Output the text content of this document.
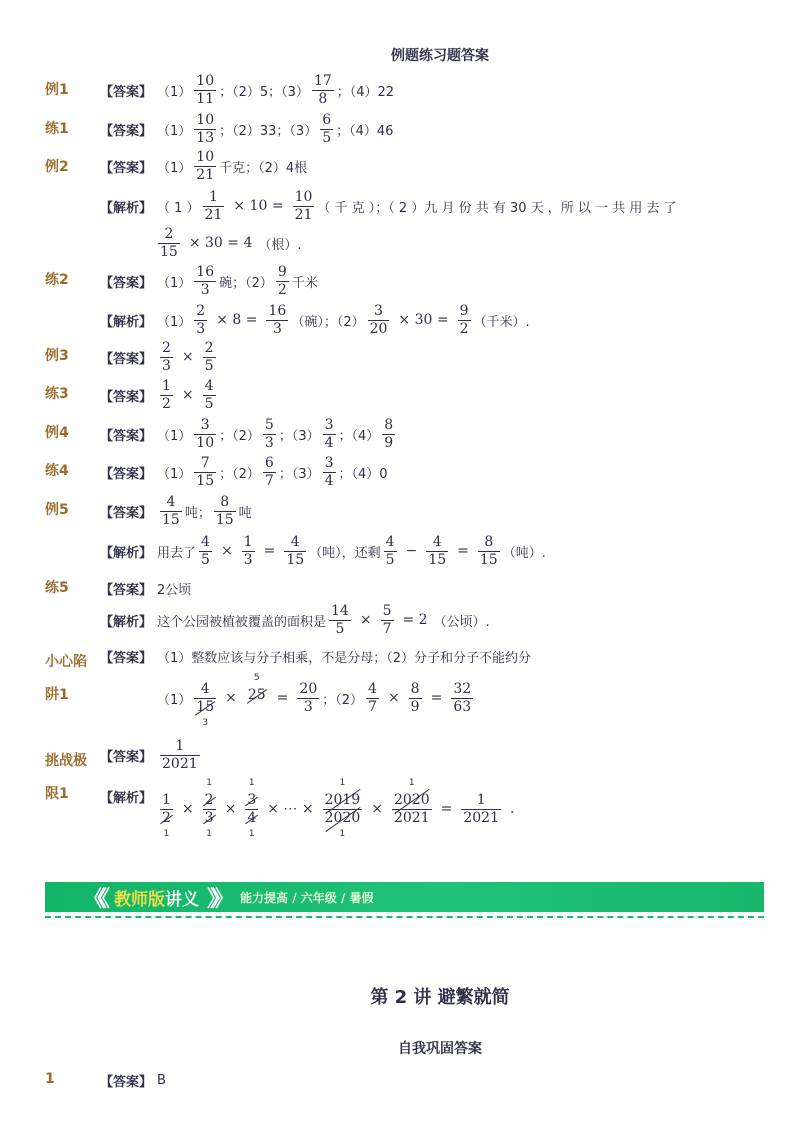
例题练习题答案
例1 【答案】 （1）
10
11 ；（2）5；（3）
17
8 ；（4）22
练1 【答案】 （1）
10
13 ；（2）33；（3）
6
5 ；（4）46
例2 【答案】 （1）
10
21 千克；（2）4根
【解析】 （ 1 ）
1
21
× 10 =
10
21 （ 千 克 ）；（ 2 ）九 月 份 共 有 30 天 ，所 以 一 共 用 去 了
2
15
× 30 = 4 （根）.
练2 【答案】 （1）
16
3 碗；（2）
9
2 千米
【解析】 （1）
2
3
× 8 =
16
3 （碗）；（2）
3
20
× 30 =
9
2 （千米）.
例3 【答案】
2
3
×
2
5
练3 【答案】
1
2
×
4
5
例4 【答案】 （1）
3
10 ；（2）
5
3 ；（3）
3
4 ；（4）
8
9
练4 【答案】 （1）
7
15 ；（2）
6
7 ；（3）
3
4 ；（4）0
例5 【答案】
4
15 吨；
8
15 吨
【解析】 用去了
4
5
×
1
3
=
4
15 （吨），还剩
4
5
−
4
15
=
8
15 （吨）.
练5 【答案】 2公顷
【解析】 这个公园被植被覆盖的面积是
14
5
×
5
7
= 2 （公顷）.
小心陷
阱1
【答案】 （1）整数应该与分子相乘，不是分母；（2）分子和分子不能约分
（1）
4
15
3
× 25
5
=
20
3 ；（2）
4
7
×
8
9
=
32
63
挑战极
限1
【答案】
1
2021
【解析】 1
2
1
×
2
1
3
1
×
3
1
4
1
× ⋯ ×
2019
1
2020
1
×
2020
1
2021
=
1
2021
.
《《 教师版讲义 》》 能力提高 / 六年级 / 暑假
第 2 讲 避繁就简
自我巩固答案
1	【答案】 B
